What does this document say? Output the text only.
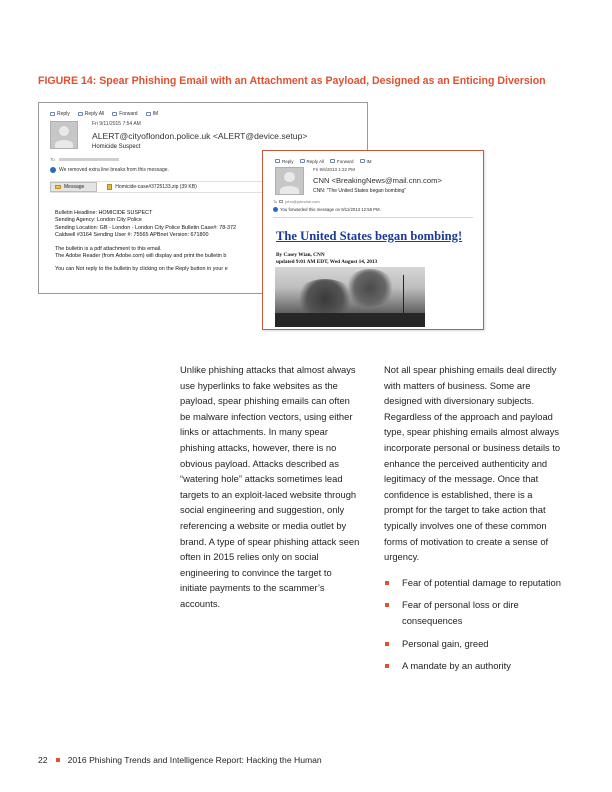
FIGURE 14: Spear Phishing Email with an Attachment as Payload, Designed as an Enticing Diversion
Reply	Reply All	Forward	IM
Fri 9/11/2015 7:54 AM
ALERT@cityoflondon.police.uk <ALERT@device.setup>
Homicide Suspect
To
We removed extra line breaks from this message.
Message	Homicide-case#3725133.zip (39 KB)
Bulletin Headline: HOMICIDE SUSPECT
Sending Agency: London City Police
Sending Location: GB - London - London City Police Bulletin Case#: 78-372
Caldwell #3164 Sending User #: 75565 APBnet Version: 671800
The bulletin is a pdf attachment to this email.
The Adobe Reader (from Adobe.com) will display and print the bulletin b
You can Not reply to the bulletin by clicking on the Reply button in your e
Reply	Reply All	Forward	IM
Fri 9/6/2013 1:22 PM
CNN <BreakingNews@mail.cnn.com>
CNN: "The United States began bombing"
To john@johndoe.com
You forwarded this message on 9/11/2013 12:58 PM.
The United States began bombing!
By Casey Wian, CNN
updated 9:01 AM EDT, Wed August 14, 2013

Unlike phishing attacks that almost always use hyperlinks to fake websites as the payload, spear phishing emails can often be malware infection vectors, using either links or attachments. In many spear phishing attacks, however, there is no obvious payload. Attacks described as “watering hole” attacks sometimes lead targets to an exploit-laced website through social engineering and suggestion, only referencing a website or media outlet by brand. A type of spear phishing attack seen often in 2015 relies only on social engineering to convince the target to initiate payments to the scammer’s accounts.

Not all spear phishing emails deal directly with matters of business. Some are designed with diversionary subjects. Regardless of the approach and payload type, spear phishing emails almost always incorporate personal or business details to enhance the perceived authenticity and legitimacy of the message. Once that confidence is established, there is a prompt for the target to take action that typically involves one of these common forms of motivation to create a sense of urgency.

Fear of potential damage to reputation
Fear of personal loss or dire consequences
Personal gain, greed
A mandate by an authority
22 2016 Phishing Trends and Intelligence Report: Hacking the Human
